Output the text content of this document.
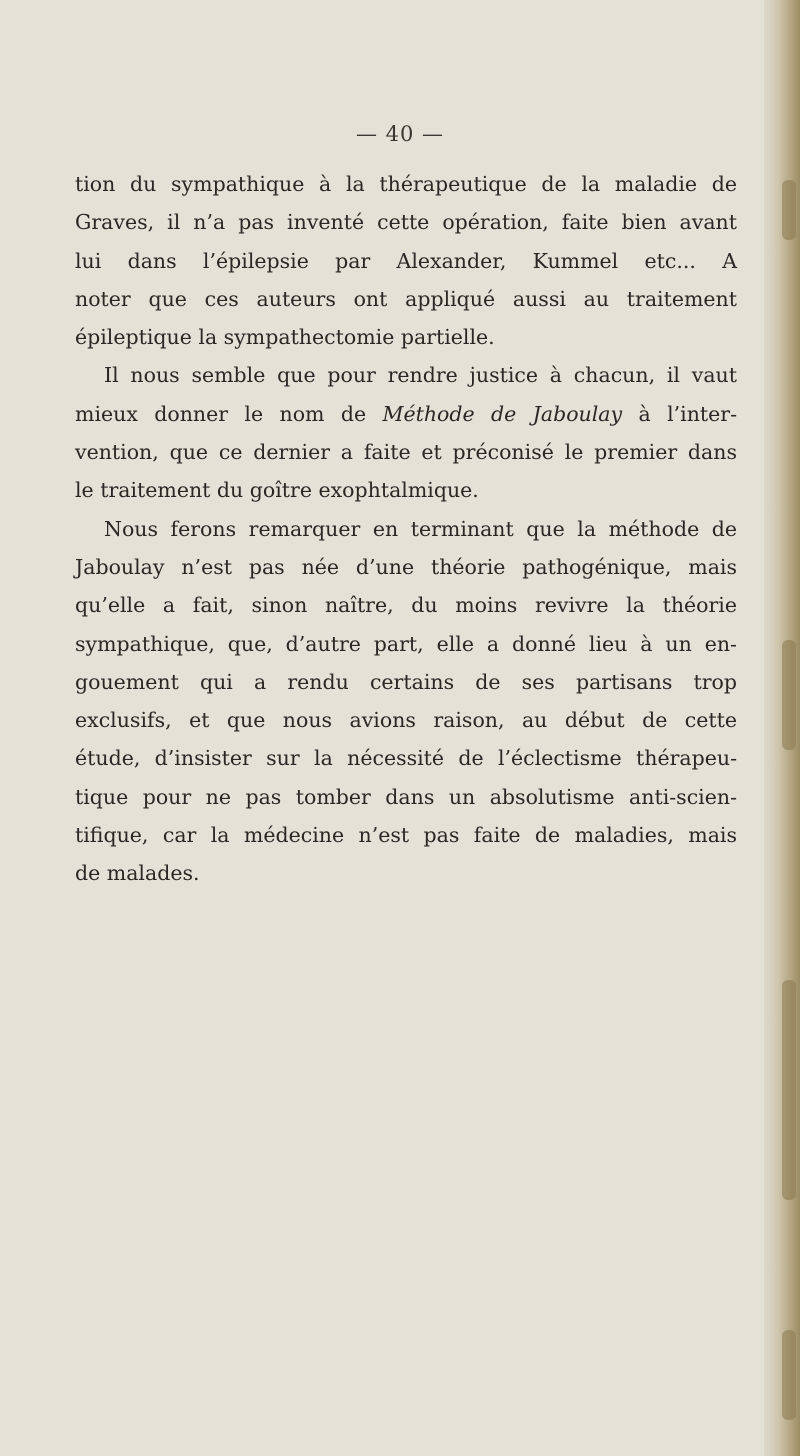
— 40 —
tion du sympathique à la thérapeutique de la maladie de
Graves, il n’a pas inventé cette opération, faite bien avant
lui dans l’épilepsie par Alexander, Kummel etc... A
noter que ces auteurs ont appliqué aussi au traitement
épileptique la sympathectomie partielle.
Il nous semble que pour rendre justice à chacun, il vaut
mieux donner le nom de Méthode de Jaboulay à l’inter-
vention, que ce dernier a faite et préconisé le premier dans
le traitement du goître exophtalmique.
Nous ferons remarquer en terminant que la méthode de
Jaboulay n’est pas née d’une théorie pathogénique, mais
qu’elle a fait, sinon naître, du moins revivre la théorie
sympathique, que, d’autre part, elle a donné lieu à un en-
gouement qui a rendu certains de ses partisans trop
exclusifs, et que nous avions raison, au début de cette
étude, d’insister sur la nécessité de l’éclectisme thérapeu-
tique pour ne pas tomber dans un absolutisme anti-scien-
tifique, car la médecine n’est pas faite de maladies, mais
de malades.
